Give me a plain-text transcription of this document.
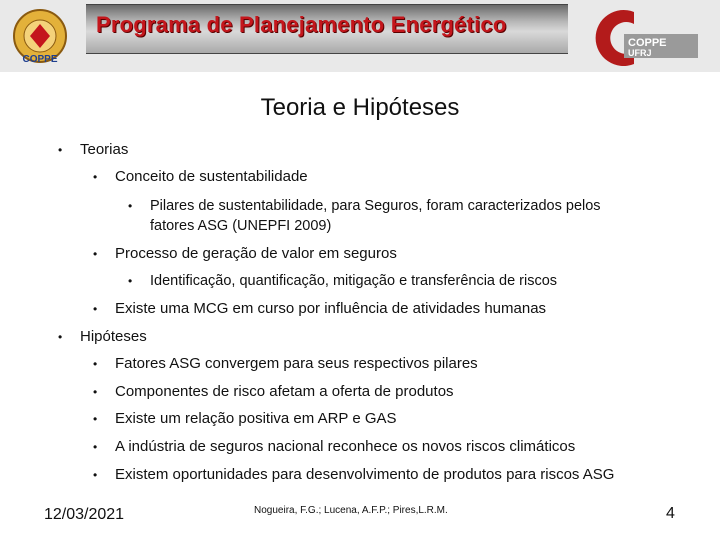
COPPE
Programa de Planejamento Energético
COPPE
UFRJ
Teoria e Hipóteses
• Teorias
• Conceito de sustentabilidade
• Pilares de sustentabilidade, para Seguros, foram caracterizados pelos
fatores ASG (UNEPFI 2009)
• Processo de geração de valor em seguros
• Identificação, quantificação, mitigação e transferência de riscos
• Existe uma MCG em curso por influência de atividades humanas
• Hipóteses
• Fatores ASG convergem para seus respectivos pilares
• Componentes de risco afetam a oferta de produtos
• Existe um relação positiva em ARP e GAS
• A indústria de seguros nacional reconhece os novos riscos climáticos
• Existem oportunidades para desenvolvimento de produtos para riscos ASG
12/03/2021	Nogueira, F.G.; Lucena, A.F.P.; Pires,L.R.M.	4
